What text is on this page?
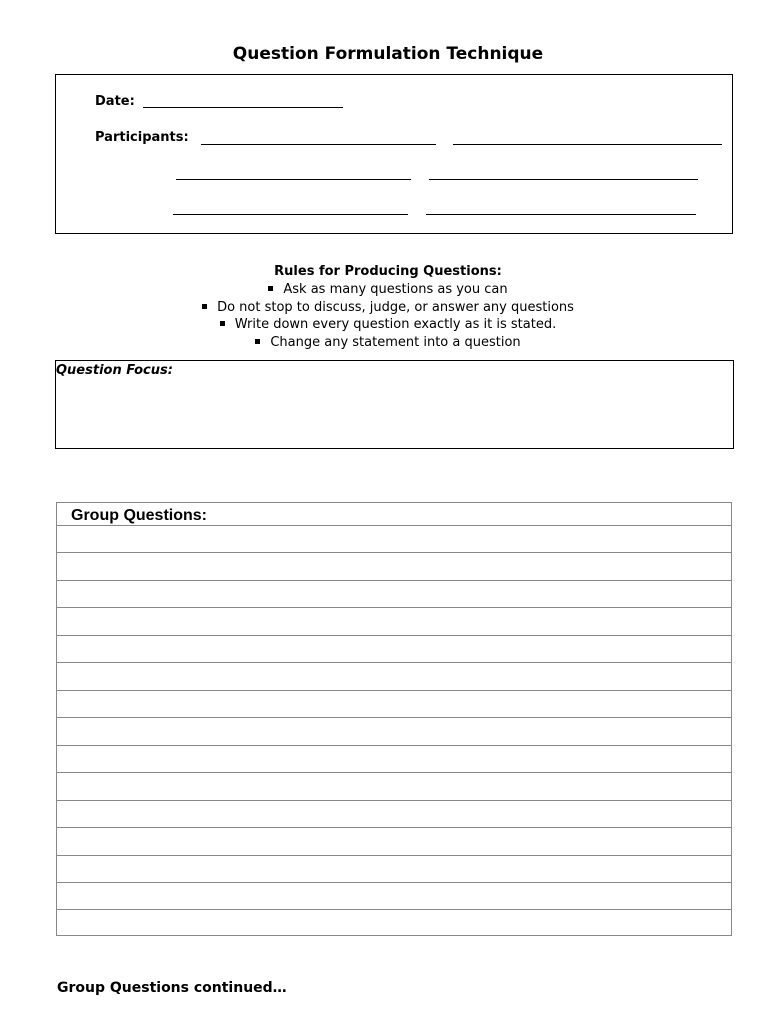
Question Formulation Technique
Date:
Participants:
Rules for Producing Questions:
Ask as many questions as you can
Do not stop to discuss, judge, or answer any questions
Write down every question exactly as it is stated.
Change any statement into a question
Question Focus:
Group Questions:
Group Questions continued…
